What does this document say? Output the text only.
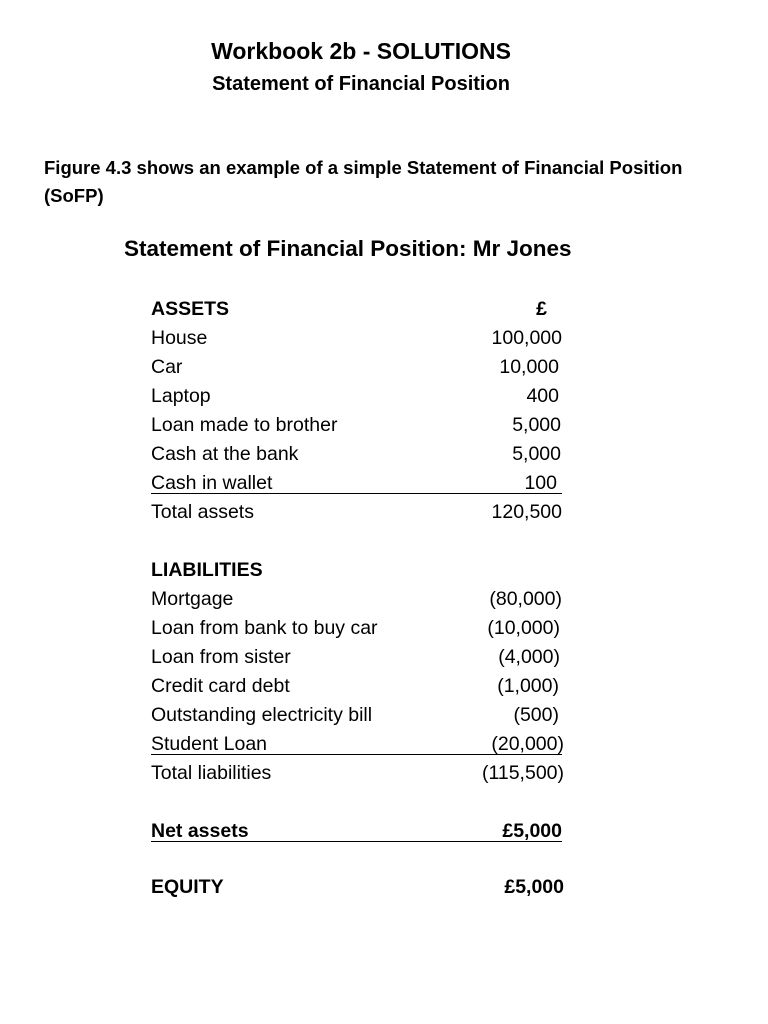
Workbook 2b - SOLUTIONS
Statement of Financial Position
Figure 4.3 shows an example of a simple Statement of Financial Position (SoFP)
Statement of Financial Position: Mr Jones
ASSETS	£
House	100,000
Car	10,000
Laptop	400
Loan made to brother	5,000
Cash at the bank	5,000
Cash in wallet	100
Total assets	120,500
LIABILITIES
Mortgage	(80,000)
Loan from bank to buy car	(10,000)
Loan from sister	(4,000)
Credit card debt	(1,000)
Outstanding electricity bill	(500)
Student Loan	(20,000)
Total liabilities	(115,500)
Net assets	£5,000
EQUITY	£5,000
